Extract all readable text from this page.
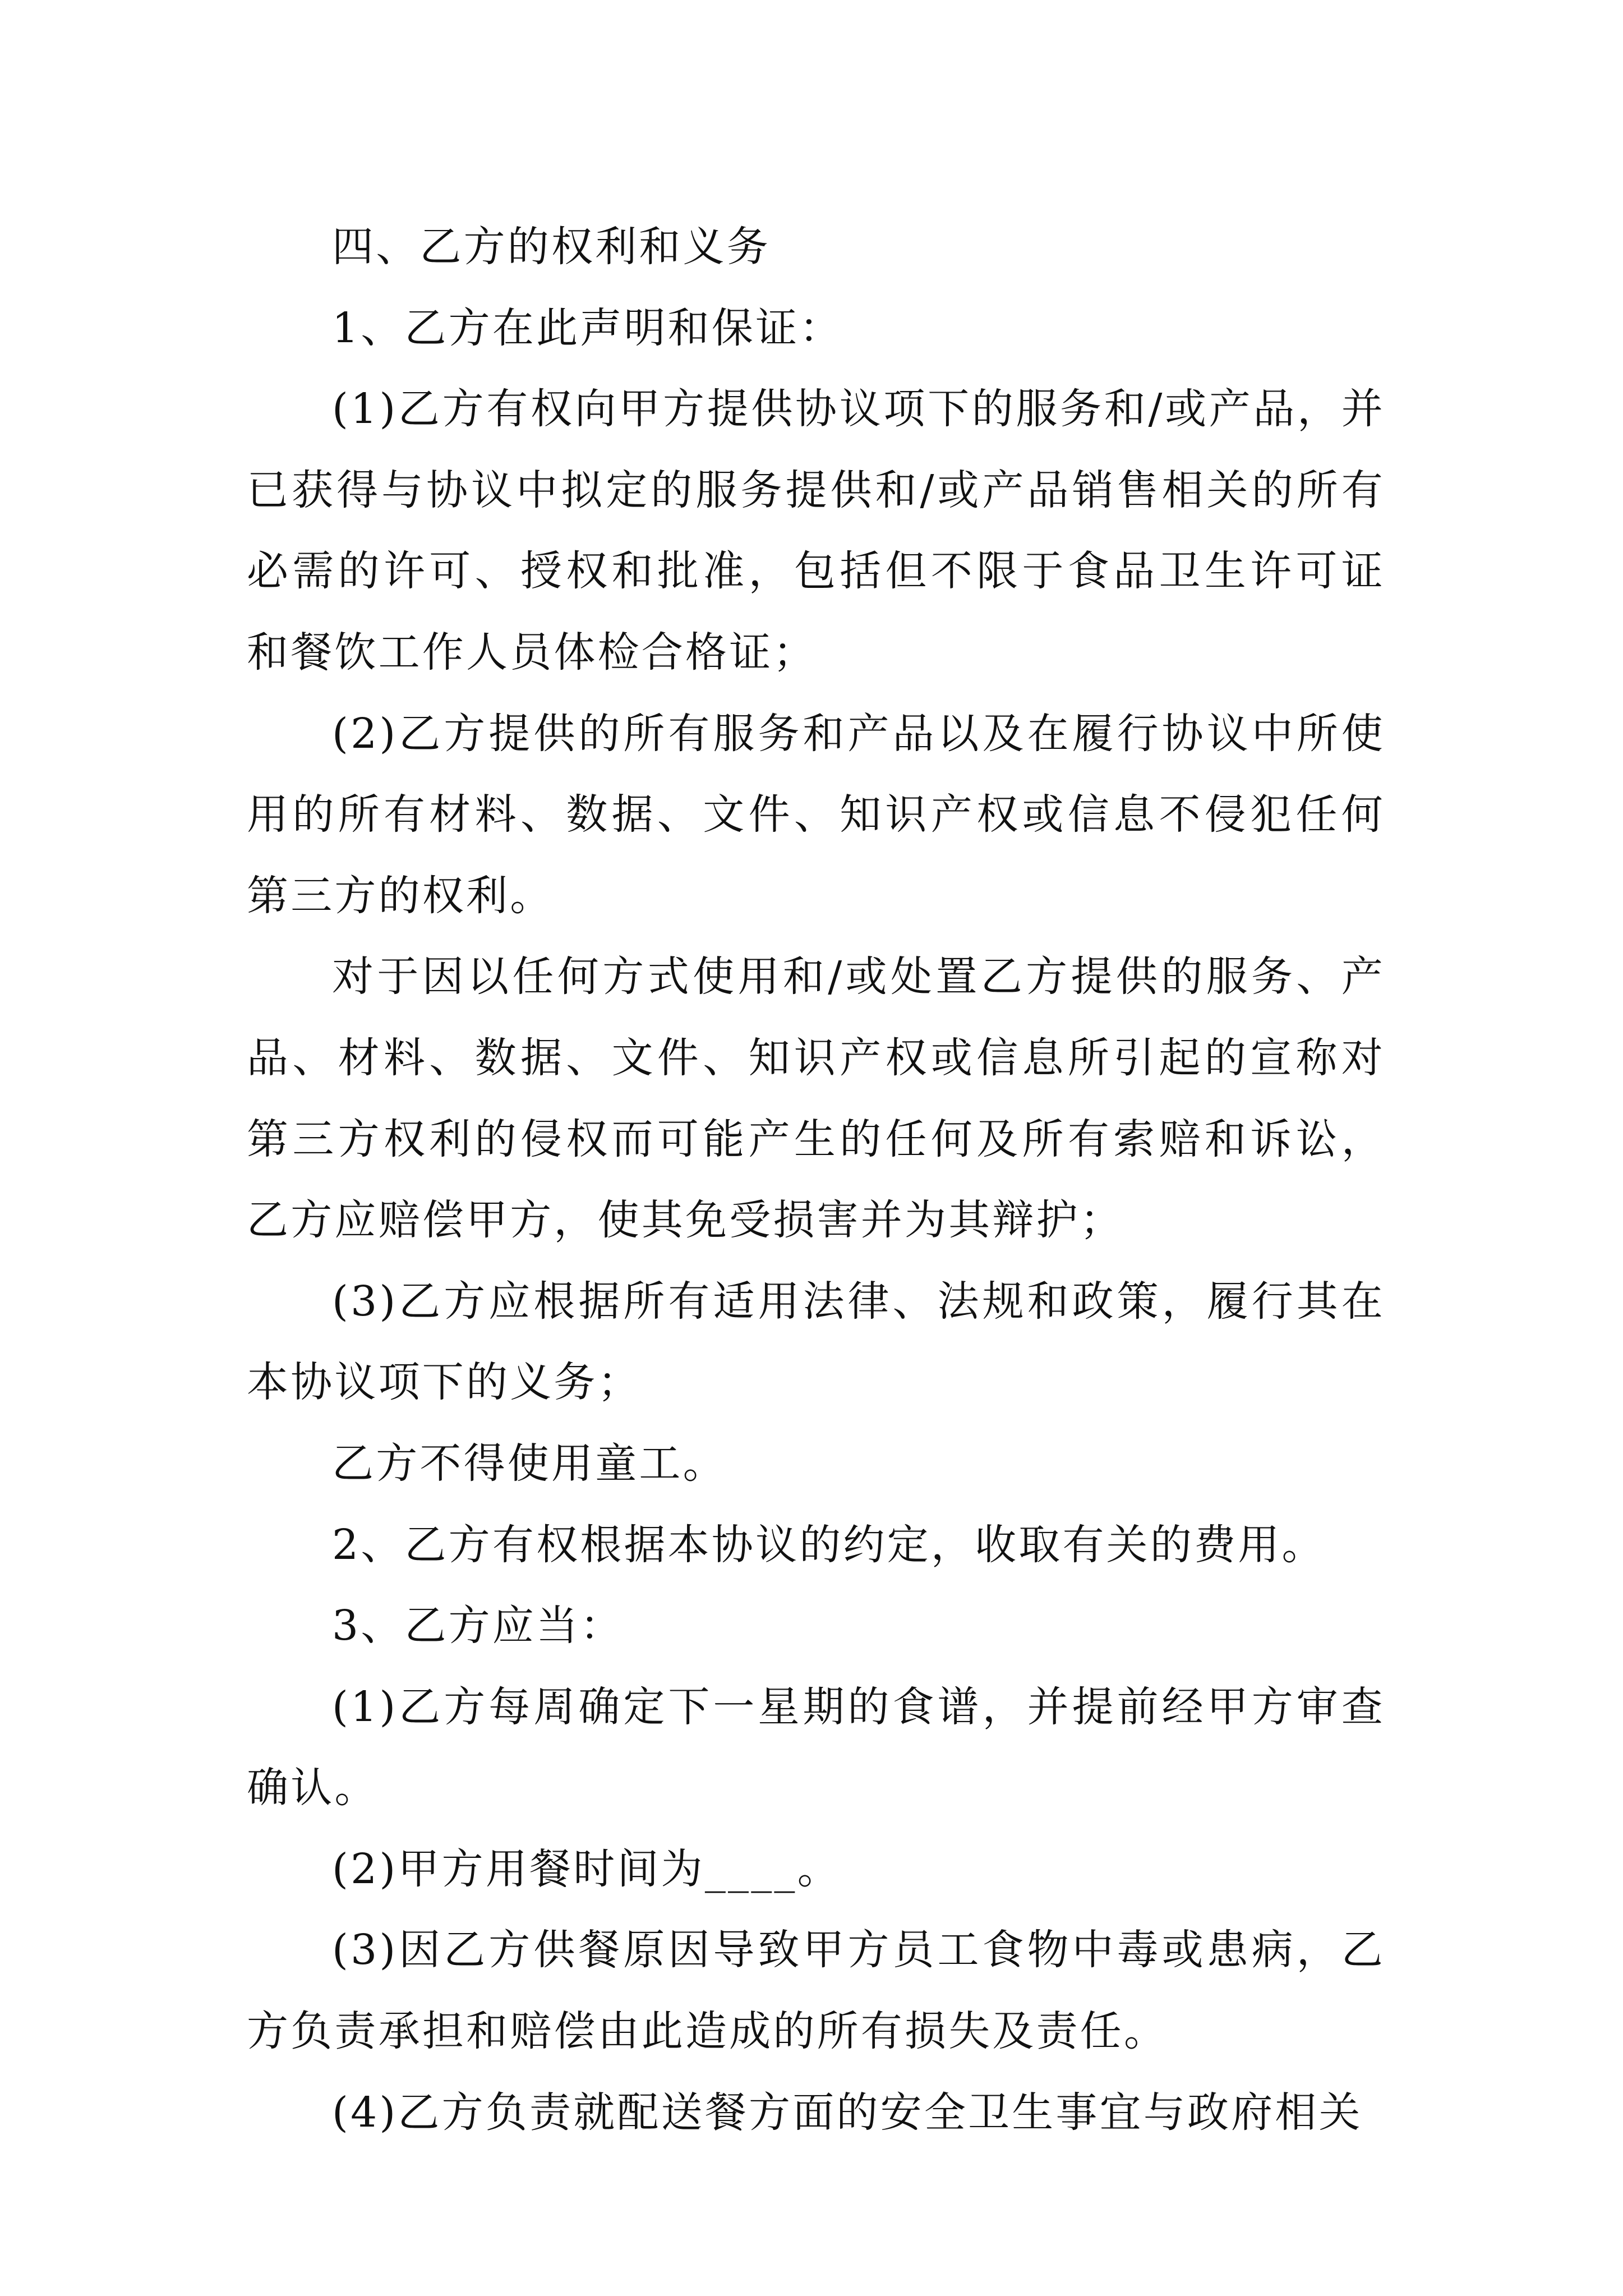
四、乙方的权利和义务

1、乙方在此声明和保证：

(1)乙方有权向甲方提供协议项下的服务和/或产品，并已获得与协议中拟定的服务提供和/或产品销售相关的所有必需的许可、授权和批准，包括但不限于食品卫生许可证和餐饮工作人员体检合格证；

(2)乙方提供的所有服务和产品以及在履行协议中所使用的所有材料、数据、文件、知识产权或信息不侵犯任何第三方的权利。

对于因以任何方式使用和/或处置乙方提供的服务、产品、材料、数据、文件、知识产权或信息所引起的宣称对第三方权利的侵权而可能产生的任何及所有索赔和诉讼，乙方应赔偿甲方，使其免受损害并为其辩护；

(3)乙方应根据所有适用法律、法规和政策，履行其在本协议项下的义务；

乙方不得使用童工。

2、乙方有权根据本协议的约定，收取有关的费用。

3、乙方应当：

(1)乙方每周确定下一星期的食谱，并提前经甲方审查确认。

(2)甲方用餐时间为____。

(3)因乙方供餐原因导致甲方员工食物中毒或患病，乙方负责承担和赔偿由此造成的所有损失及责任。

(4)乙方负责就配送餐方面的安全卫生事宜与政府相关
